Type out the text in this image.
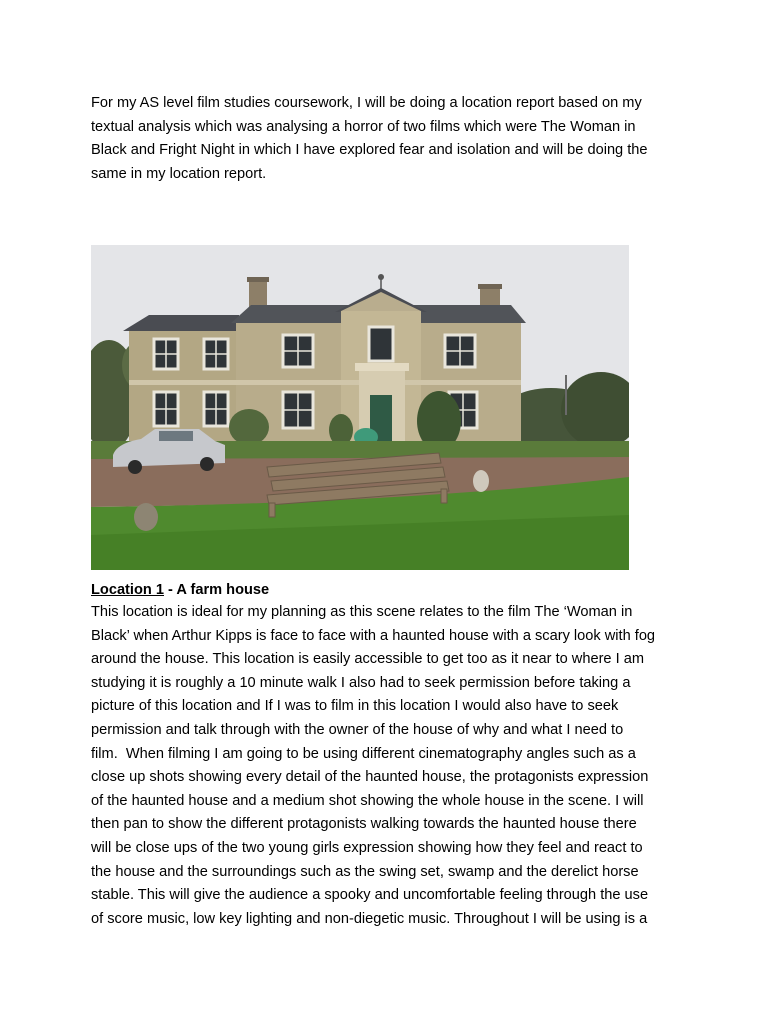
For my AS level film studies coursework, I will be doing a location report based on my
textual analysis which was analysing a horror of two films which were The Woman in
Black and Fright Night in which I have explored fear and isolation and will be doing the
same in my location report.

Location 1 - A farm house

This location is ideal for my planning as this scene relates to the film The ‘Woman in
Black’ when Arthur Kipps is face to face with a haunted house with a scary look with fog
around the house. This location is easily accessible to get too as it near to where I am
studying it is roughly a 10 minute walk I also had to seek permission before taking a
picture of this location and If I was to film in this location I would also have to seek
permission and talk through with the owner of the house of why and what I need to
film.  When filming I am going to be using different cinematography angles such as a
close up shots showing every detail of the haunted house, the protagonists expression
of the haunted house and a medium shot showing the whole house in the scene. I will
then pan to show the different protagonists walking towards the haunted house there
will be close ups of the two young girls expression showing how they feel and react to
the house and the surroundings such as the swing set, swamp and the derelict horse
stable. This will give the audience a spooky and uncomfortable feeling through the use
of score music, low key lighting and non-diegetic music. Throughout I will be using is a
